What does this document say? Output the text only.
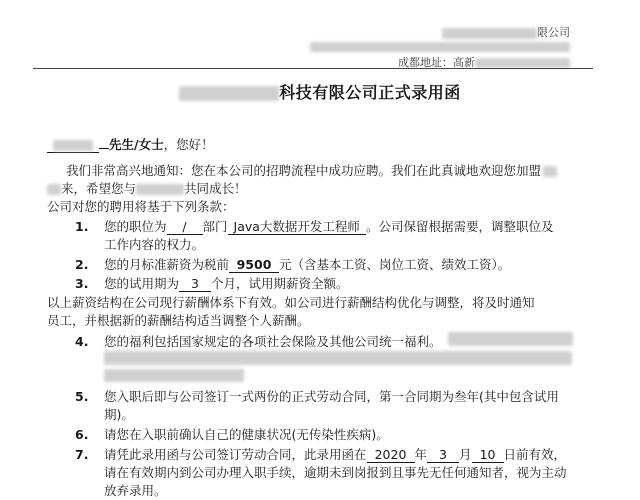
限公司
成都地址：高新
科技有限公司正式录用函
先生/女士，您好！
我们非常高兴地通知：您在本公司的招聘流程中成功应聘。我们在此真诚地欢迎您加盟
来，希望您与	共同成长！
公司对您的聘用将基于下列条款：
1. 您的职位为 / 部门 Java大数据开发工程师 。公司保留根据需要，调整职位及
工作内容的权力。
2. 您的月标准薪资为税前 9500 元（含基本工资、岗位工资、绩效工资）。
3. 您的试用期为 3 个月，试用期薪资全额。
以上薪资结构在公司现行薪酬体系下有效。如公司进行薪酬结构优化与调整，将及时通知
员工，并根据新的薪酬结构适当调整个人薪酬。
4. 您的福利包括国家规定的各项社会保险及其他公司统一福利。
5. 您入职后即与公司签订一式两份的正式劳动合同，第一合同期为叁年(其中包含试用
期)。
6. 请您在入职前确认自己的健康状况(无传染性疾病)。
7. 请凭此录用函与公司签订劳动合同，此录用函在 2020 年 3 月 10 日前有效，
请在有效期内到公司办理入职手续，逾期未到岗报到且事先无任何通知者，视为主动
放弃录用。
